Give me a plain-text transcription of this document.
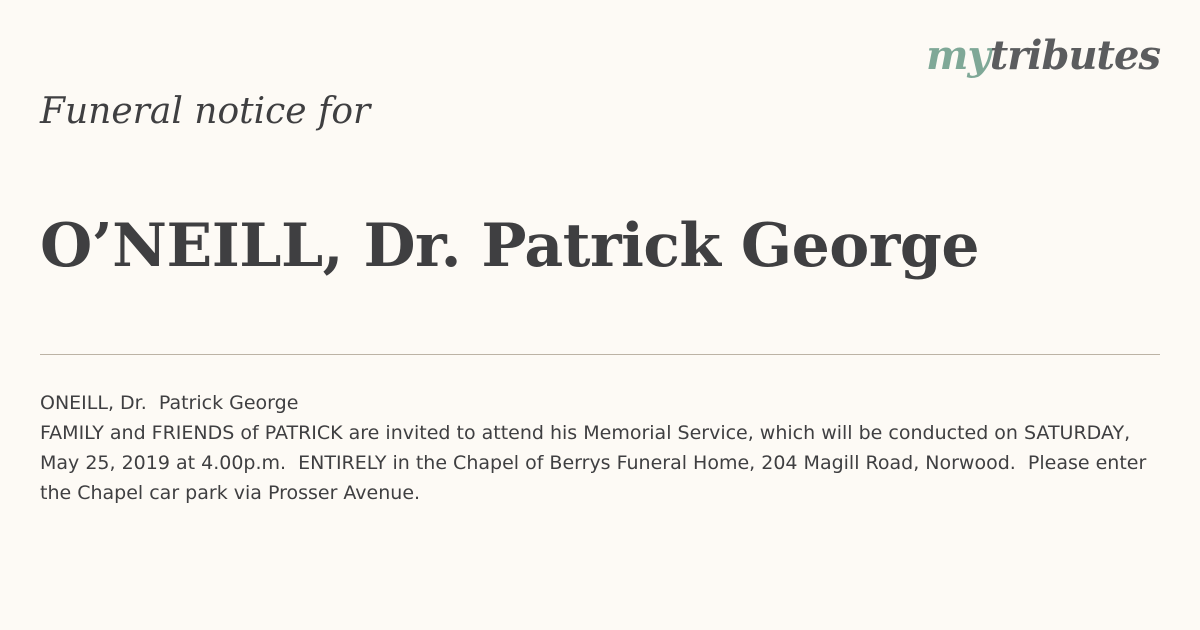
mytributes
Funeral notice for
O’NEILL, Dr. Patrick George

ONEILL, Dr.  Patrick George

FAMILY and FRIENDS of PATRICK are invited to attend his Memorial Service, which will be conducted on SATURDAY, May 25, 2019 at 4.00p.m.  ENTIRELY in the Chapel of Berrys Funeral Home, 204 Magill Road, Norwood.  Please enter the Chapel car park via Prosser Avenue.
